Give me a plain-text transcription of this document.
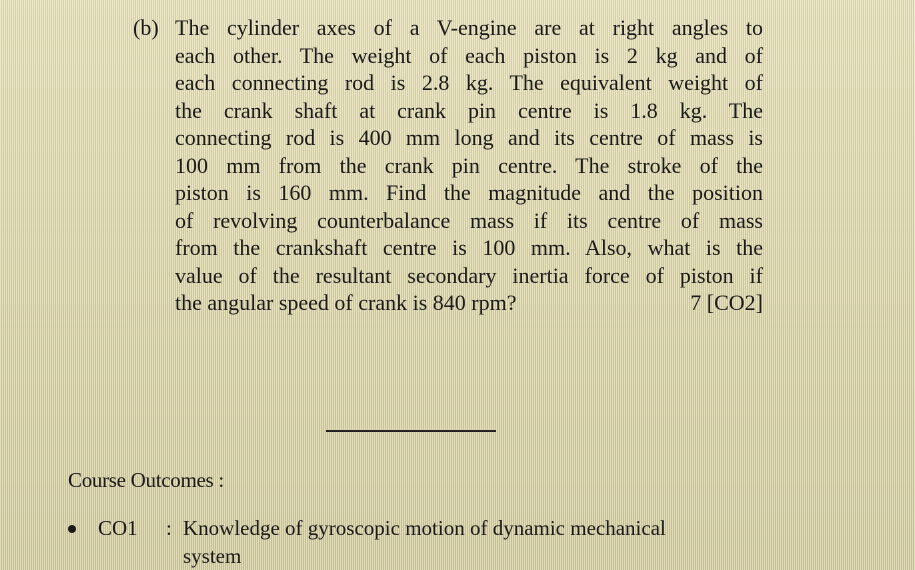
(b) The cylinder axes of a V-engine are at right angles to
each other. The weight of each piston is 2 kg and of
each connecting rod is 2.8 kg. The equivalent weight of
the crank shaft at crank pin centre is 1.8 kg. The
connecting rod is 400 mm long and its centre of mass is
100 mm from the crank pin centre. The stroke of the
piston is 160 mm. Find the magnitude and the position
of revolving counterbalance mass if its centre of mass
from the crankshaft centre is 100 mm. Also, what is the
value of the resultant secondary inertia force of piston if
the angular speed of crank is 840 rpm?	7 [CO2]
Course Outcomes :
CO1 : Knowledge of gyroscopic motion of dynamic mechanical
system
